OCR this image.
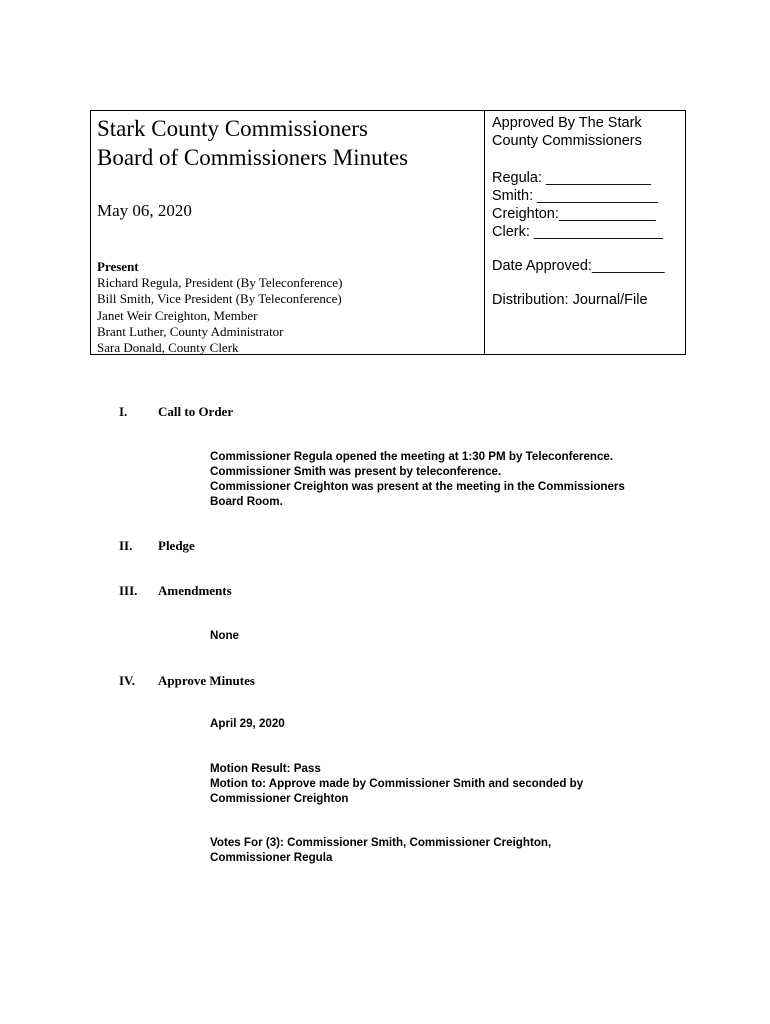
Stark County Commissioners
Board of Commissioners Minutes
May 06, 2020
Present
Richard Regula, President (By Teleconference)
Bill Smith, Vice President (By Teleconference)
Janet Weir Creighton, Member
Brant Luther, County Administrator
Sara Donald, County Clerk
Approved By The Stark
County Commissioners
Regula: _____________
Smith: _______________
Creighton:____________
Clerk: ________________
Date Approved:_________
Distribution: Journal/File
I. Call to Order
Commissioner Regula opened the meeting at 1:30 PM by Teleconference.
Commissioner Smith was present by teleconference.
Commissioner Creighton was present at the meeting in the Commissioners
Board Room.
II. Pledge
III. Amendments
None
IV. Approve Minutes
April 29, 2020
Motion Result: Pass
Motion to: Approve made by Commissioner Smith and seconded by
Commissioner Creighton
Votes For (3): Commissioner Smith, Commissioner Creighton,
Commissioner Regula
